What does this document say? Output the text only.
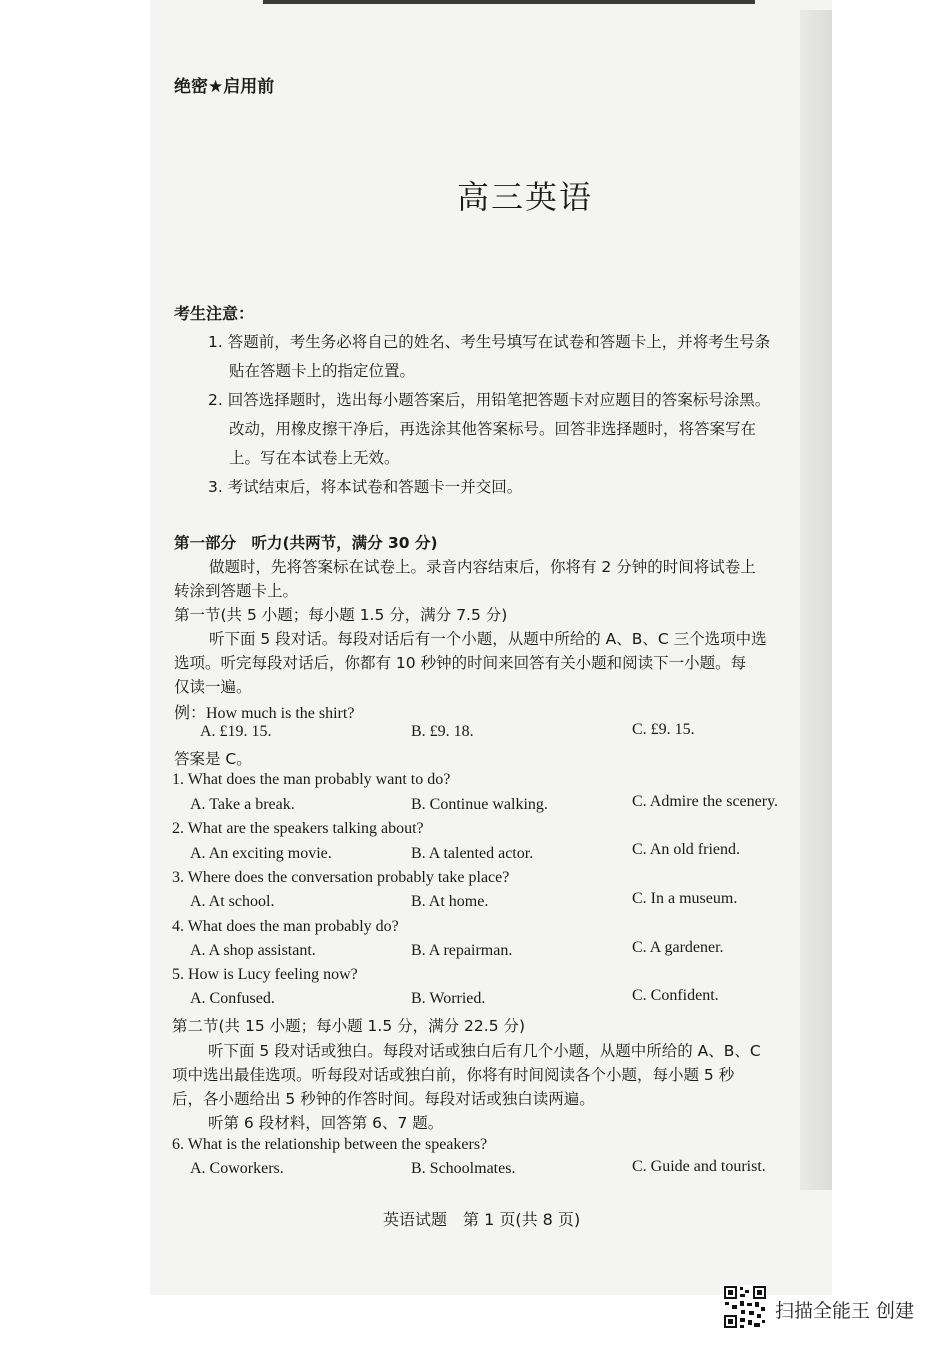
绝密★启用前
高三英语
考生注意：
1. 答题前，考生务必将自己的姓名、考生号填写在试卷和答题卡上，并将考生号条
贴在答题卡上的指定位置。
2. 回答选择题时，选出每小题答案后，用铅笔把答题卡对应题目的答案标号涂黑。
改动，用橡皮擦干净后，再选涂其他答案标号。回答非选择题时，将答案写在
上。写在本试卷上无效。
3. 考试结束后，将本试卷和答题卡一并交回。
第一部分　听力(共两节，满分 30 分)
做题时，先将答案标在试卷上。录音内容结束后，你将有 2 分钟的时间将试卷上
转涂到答题卡上。
第一节(共 5 小题；每小题 1.5 分，满分 7.5 分)
听下面 5 段对话。每段对话后有一个小题，从题中所给的 A、B、C 三个选项中选
选项。听完每段对话后，你都有 10 秒钟的时间来回答有关小题和阅读下一小题。每
仅读一遍。
例：How much is the shirt?
A. £19. 15.	B. £9. 18.	C. £9. 15.
答案是 C。
1. What does the man probably want to do?
A. Take a break.	B. Continue walking.	C. Admire the scenery.
2. What are the speakers talking about?
A. An exciting movie.	B. A talented actor.	C. An old friend.
3. Where does the conversation probably take place?
A. At school.	B. At home.	C. In a museum.
4. What does the man probably do?
A. A shop assistant.	B. A repairman.	C. A gardener.
5. How is Lucy feeling now?
A. Confused.	B. Worried.	C. Confident.
第二节(共 15 小题；每小题 1.5 分，满分 22.5 分)
听下面 5 段对话或独白。每段对话或独白后有几个小题，从题中所给的 A、B、C
项中选出最佳选项。听每段对话或独白前，你将有时间阅读各个小题，每小题 5 秒
后，各小题给出 5 秒钟的作答时间。每段对话或独白读两遍。
听第 6 段材料，回答第 6、7 题。
6. What is the relationship between the speakers?
A. Coworkers.	B. Schoolmates.	C. Guide and tourist.
英语试题　第 1 页(共 8 页)
扫描全能王 创建
